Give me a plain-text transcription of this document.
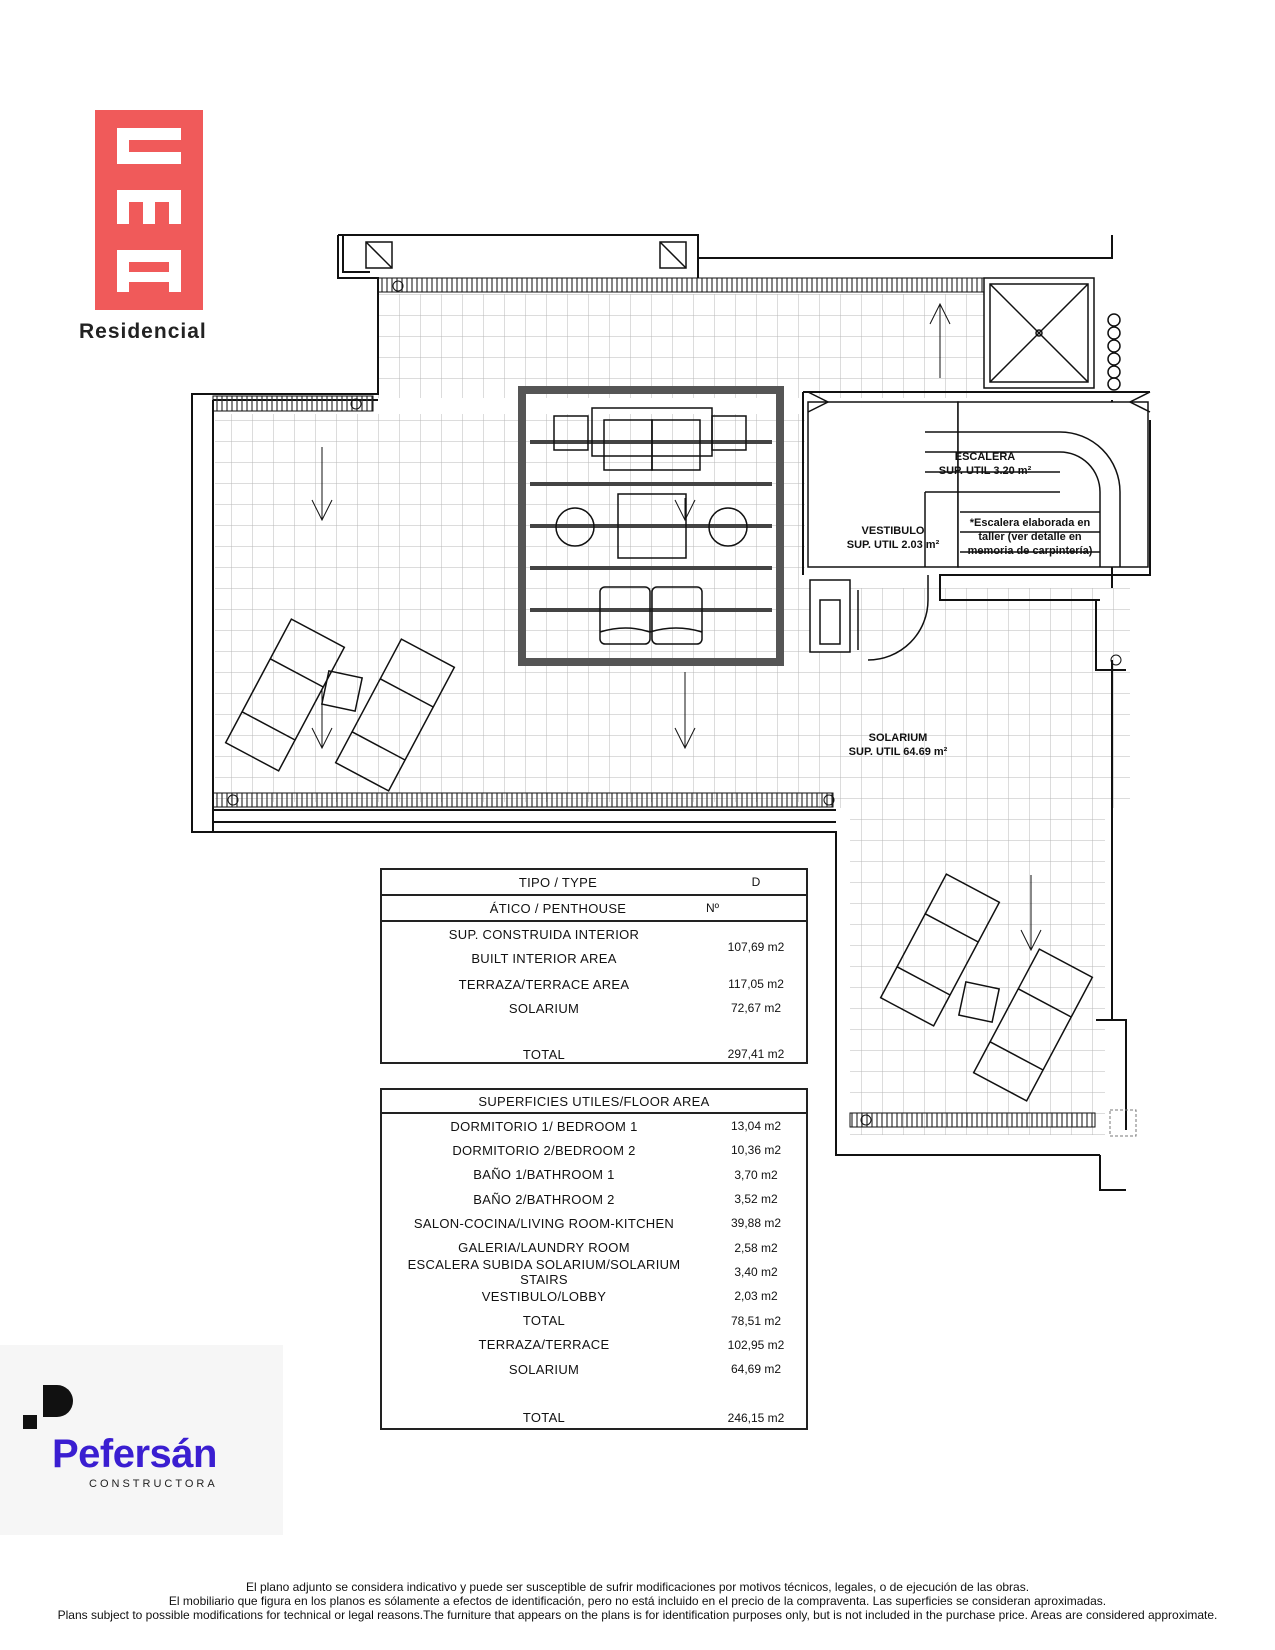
Residencial
ESCALERA
SUP. UTIL 3.20 m²
VESTIBULO
SUP. UTIL 2.03 m²
*Escalera elaborada en
taller (ver detalle en
memoria de carpintería)
SOLARIUM
SUP. UTIL 64.69 m²
TIPO / TYPE	D
ÁTICO / PENTHOUSE	Nº
SUP. CONSTRUIDA INTERIOR
BUILT INTERIOR AREA
107,69 m2
TERRAZA/TERRACE AREA	117,05 m2
SOLARIUM	72,67 m2
TOTAL	297,41 m2
SUPERFICIES UTILES/FLOOR AREA
DORMITORIO 1/ BEDROOM 1	13,04 m2
DORMITORIO 2/BEDROOM 2	10,36 m2
BAÑO 1/BATHROOM 1	3,70 m2
BAÑO 2/BATHROOM 2	3,52 m2
SALON-COCINA/LIVING ROOM-KITCHEN	39,88 m2
GALERIA/LAUNDRY ROOM	2,58 m2
ESCALERA SUBIDA SOLARIUM/SOLARIUM STAIRS
3,40 m2
VESTIBULO/LOBBY	2,03 m2
TOTAL	78,51 m2
TERRAZA/TERRACE	102,95 m2
SOLARIUM	64,69 m2
TOTAL	246,15 m2
Pefersán
CONSTRUCTORA
El plano adjunto se considera indicativo y puede ser susceptible de sufrir modificaciones por motivos técnicos, legales, o de ejecución de las obras.
El mobiliario que figura en los planos es sólamente a efectos de identificación, pero no está incluido en el precio de la compraventa. Las superficies se consideran aproximadas.
Plans subject to possible modifications for technical or legal reasons.The furniture that appears on the plans is for identification purposes only, but is not included in the purchase price. Areas are considered approximate.
